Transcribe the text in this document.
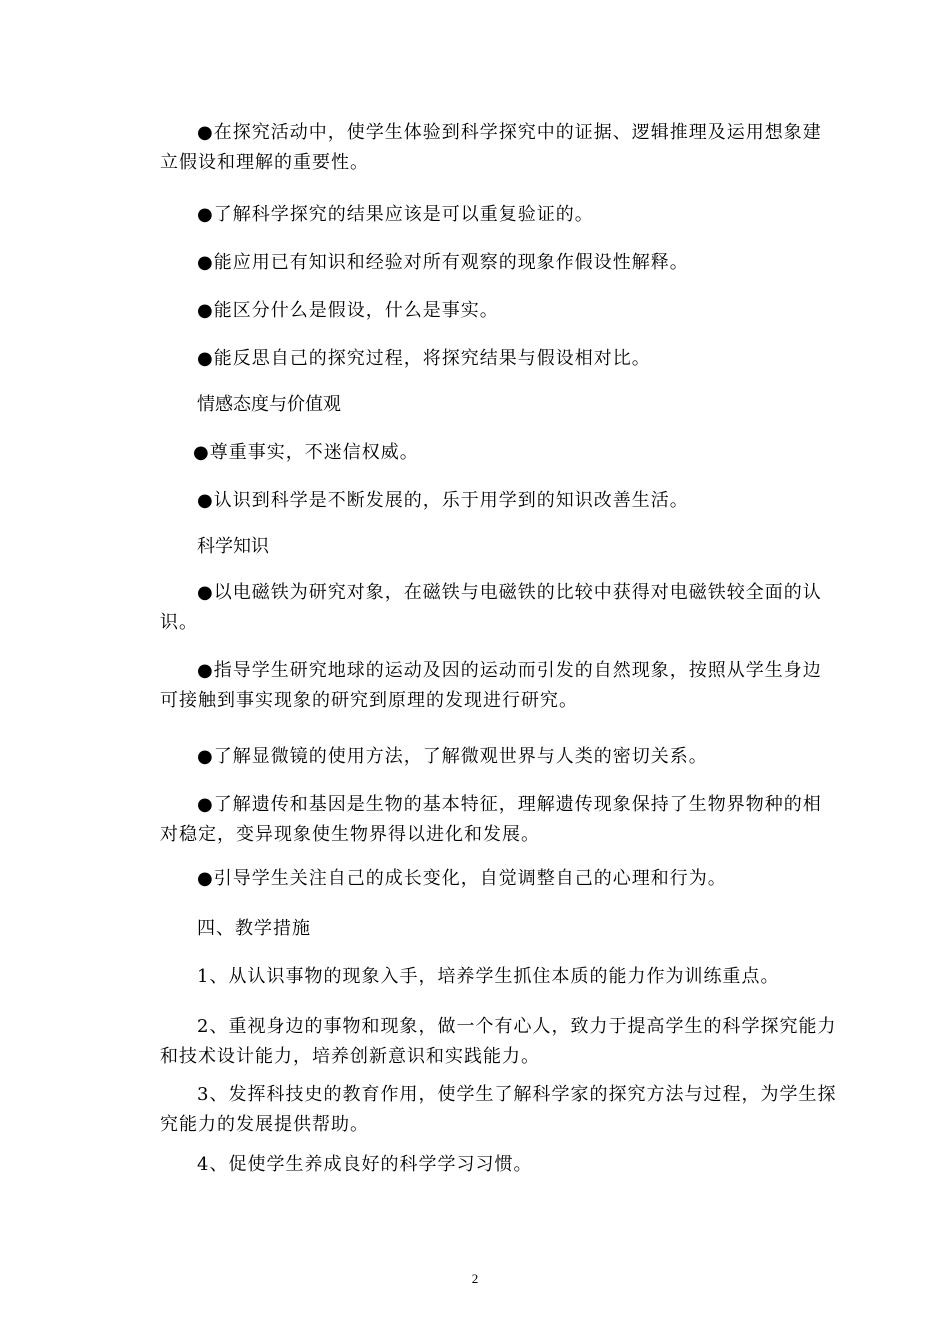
●在探究活动中，使学生体验到科学探究中的证据、逻辑推理及运用想象建立假设和理解的重要性。
●了解科学探究的结果应该是可以重复验证的。
●能应用已有知识和经验对所有观察的现象作假设性解释。
●能区分什么是假设，什么是事实。
●能反思自己的探究过程，将探究结果与假设相对比。
情感态度与价值观
●尊重事实，不迷信权威。
●认识到科学是不断发展的，乐于用学到的知识改善生活。
科学知识
●以电磁铁为研究对象，在磁铁与电磁铁的比较中获得对电磁铁较全面的认识。
●指导学生研究地球的运动及因的运动而引发的自然现象，按照从学生身边可接触到事实现象的研究到原理的发现进行研究。
●了解显微镜的使用方法，了解微观世界与人类的密切关系。
●了解遗传和基因是生物的基本特征，理解遗传现象保持了生物界物种的相对稳定，变异现象使生物界得以进化和发展。
●引导学生关注自己的成长变化，自觉调整自己的心理和行为。
四、教学措施
1、从认识事物的现象入手，培养学生抓住本质的能力作为训练重点。
2、重视身边的事物和现象，做一个有心人，致力于提高学生的科学探究能力和技术设计能力，培养创新意识和实践能力。
3、发挥科技史的教育作用，使学生了解科学家的探究方法与过程，为学生探究能力的发展提供帮助。
4、促使学生养成良好的科学学习习惯。
2
